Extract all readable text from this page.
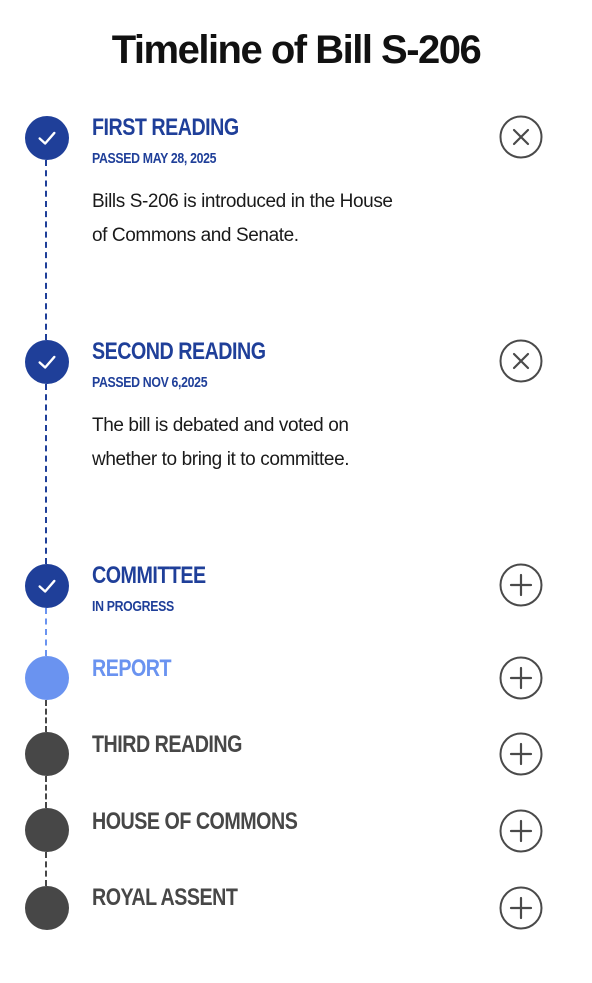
Timeline of Bill S-206
FIRST READING
PASSED MAY 28, 2025

Bills S-206 is introduced in the House of Commons and Senate.

SECOND READING
PASSED NOV 6,2025

The bill is debated and voted on whether to bring it to committee.

COMMITTEE
IN PROGRESS
REPORT
THIRD READING
HOUSE OF COMMONS
ROYAL ASSENT
